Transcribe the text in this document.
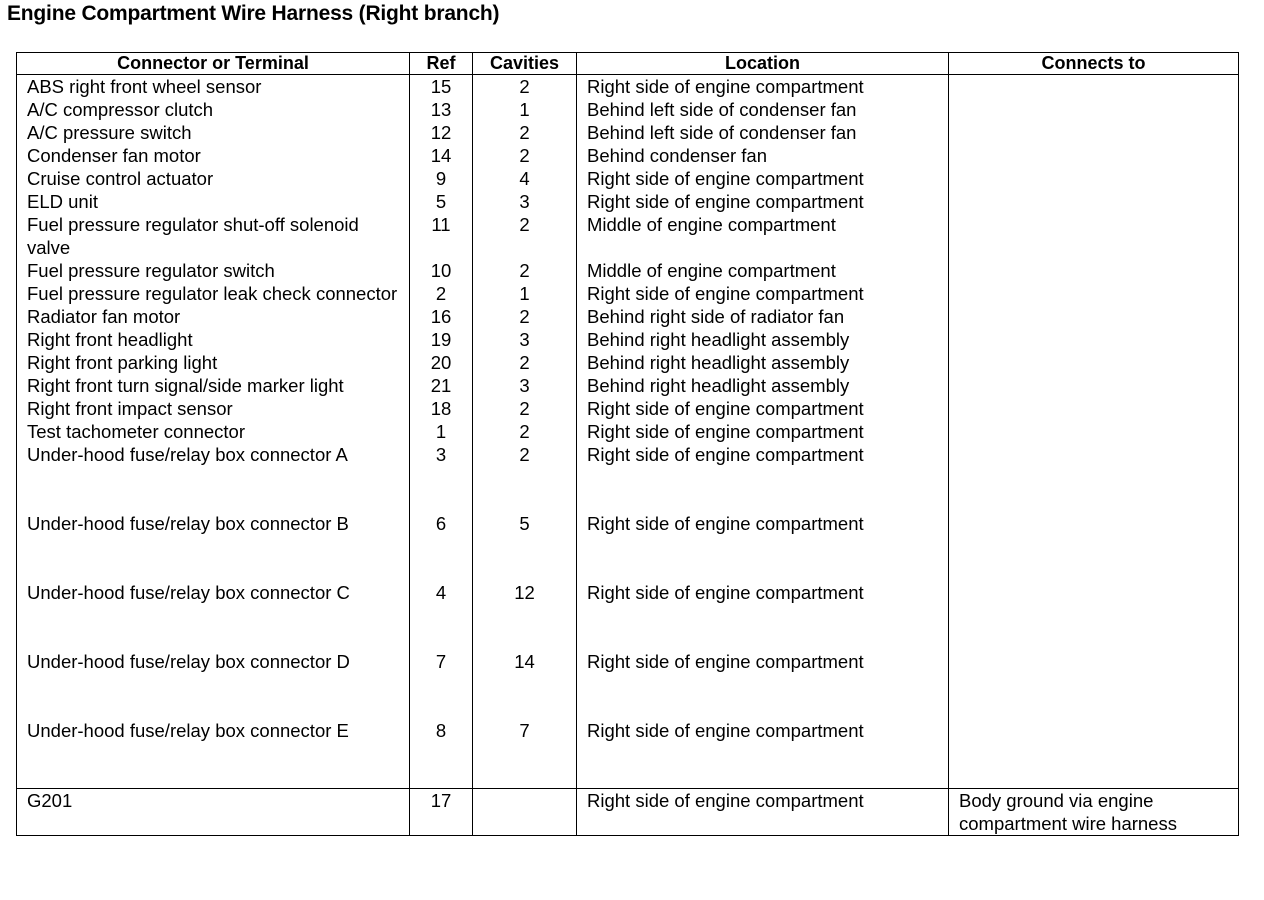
Engine Compartment Wire Harness (Right branch)
Connector or Terminal	Ref	Cavities	Location	Connects to
ABS right front wheel sensor	15	2	Right side of engine compartment	
A/C compressor clutch	13	1	Behind left side of condenser fan	
A/C pressure switch	12	2	Behind left side of condenser fan	
Condenser fan motor	14	2	Behind condenser fan	
Cruise control actuator	9	4	Right side of engine compartment	
ELD unit	5	3	Right side of engine compartment	
Fuel pressure regulator shut-off solenoid valve	11	2	Middle of engine compartment	
Fuel pressure regulator switch	10	2	Middle of engine compartment	
Fuel pressure regulator leak check connector	2	1	Right side of engine compartment	
Radiator fan motor	16	2	Behind right side of radiator fan	
Right front headlight	19	3	Behind right headlight assembly	
Right front parking light	20	2	Behind right headlight assembly	
Right front turn signal/side marker light	21	3	Behind right headlight assembly	
Right front impact sensor	18	2	Right side of engine compartment	
Test tachometer connector	1	2	Right side of engine compartment	
Under-hood fuse/relay box connector A	3	2	Right side of engine compartment	
Under-hood fuse/relay box connector B	6	5	Right side of engine compartment	
Under-hood fuse/relay box connector C	4	12	Right side of engine compartment	
Under-hood fuse/relay box connector D	7	14	Right side of engine compartment	
Under-hood fuse/relay box connector E	8	7	Right side of engine compartment	
G201	17		Right side of engine compartment	Body ground via engine compartment wire harness
